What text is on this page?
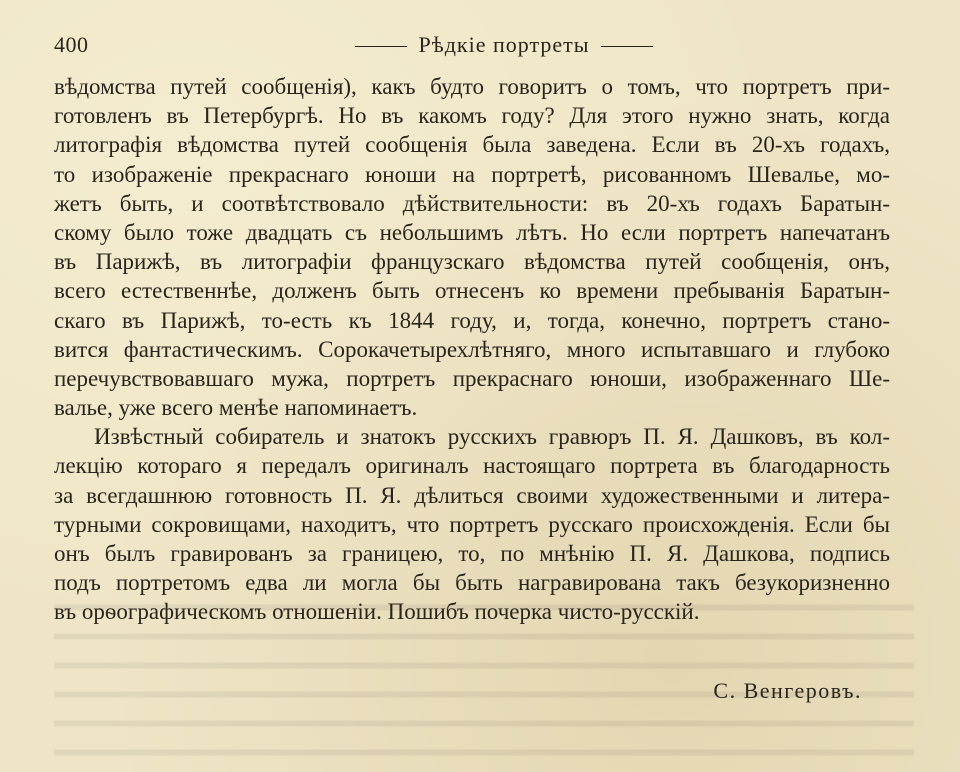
400	Рѣдкіе портреты
вѣдомства путей сообщенія), какъ будто говоритъ о томъ, что портретъ при-
готовленъ въ Петербургѣ. Но въ какомъ году? Для этого нужно знать, когда
литографія вѣдомства путей сообщенія была заведена. Если въ 20-хъ годахъ,
то изображеніе прекраснаго юноши на портретѣ, рисованномъ Шевалье, мо-
жетъ быть, и соотвѣтствовало дѣйствительности: въ 20-хъ годахъ Баратын-
скому было тоже двадцать съ небольшимъ лѣтъ. Но если портретъ напечатанъ
въ Парижѣ, въ литографіи французскаго вѣдомства путей сообщенія, онъ,
всего естественнѣе, долженъ быть отнесенъ ко времени пребыванія Баратын-
скаго въ Парижѣ, то-есть къ 1844 году, и, тогда, конечно, портретъ стано-
вится фантастическимъ. Сорокачетырехлѣтняго, много испытавшаго и глубоко
перечувствовавшаго мужа, портретъ прекраснаго юноши, изображеннаго Ше-
валье, уже всего менѣе напоминаетъ.
Извѣстный собиратель и знатокъ русскихъ гравюръ П. Я. Дашковъ, въ кол-
лекцію котораго я передалъ оригиналъ настоящаго портрета въ благодарность
за всегдашнюю готовность П. Я. дѣлиться своими художественными и литера-
турными сокровищами, находитъ, что портретъ русскаго происхожденія. Если бы
онъ былъ гравированъ за границею, то, по мнѣнію П. Я. Дашкова, подпись
подъ портретомъ едва ли могла бы быть награвирована такъ безукоризненно
въ орѳографическомъ отношеніи. Пошибъ почерка чисто-русскій.
С. Венгеровъ.
